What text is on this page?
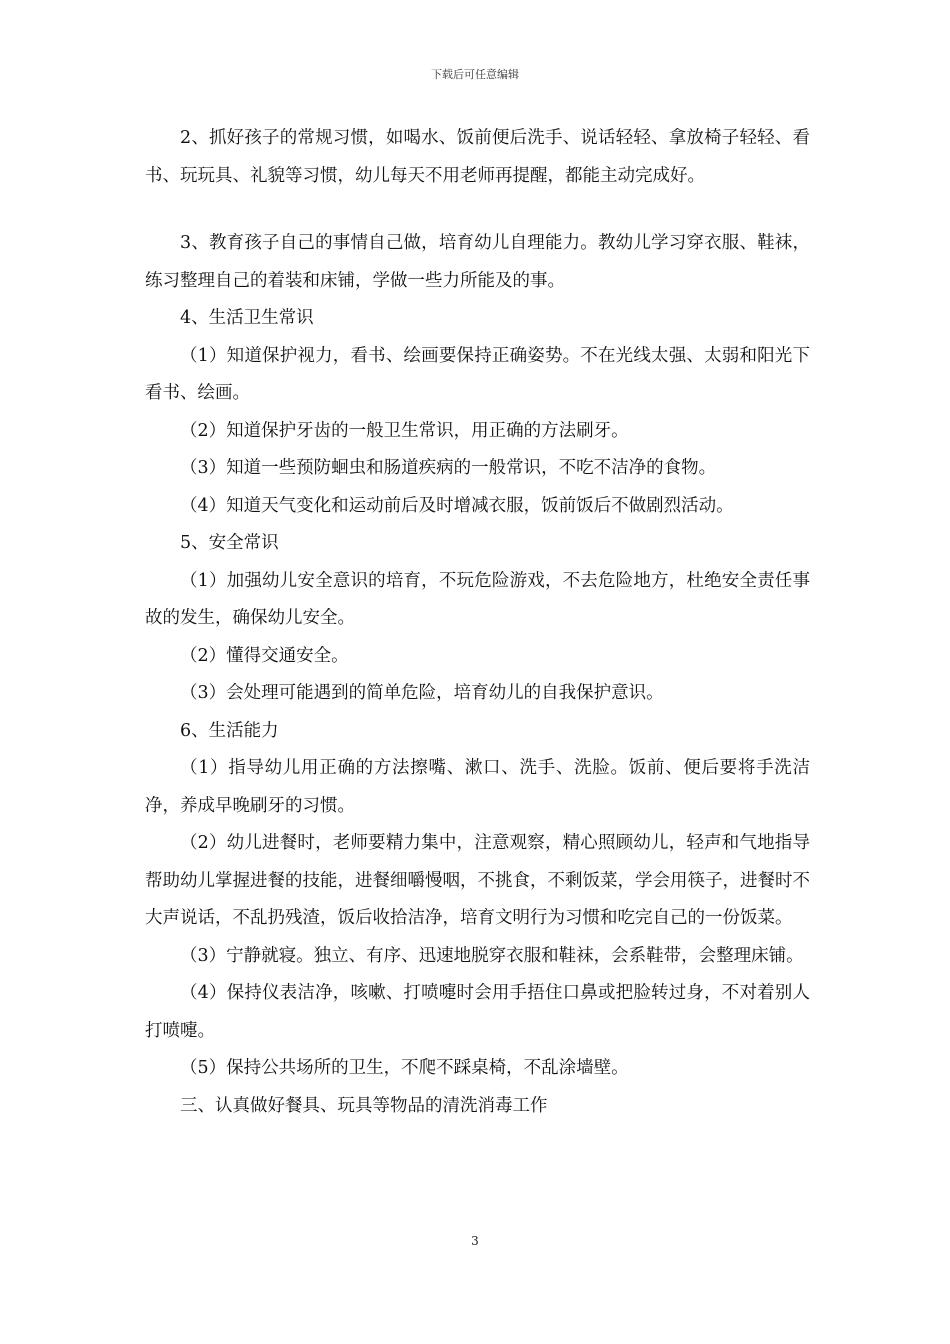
下载后可任意编辑

2、抓好孩子的常规习惯，如喝水、饭前便后洗手、说话轻轻、拿放椅子轻轻、看书、玩玩具、礼貌等习惯，幼儿每天不用老师再提醒，都能主动完成好。

3、教育孩子自己的事情自己做，培育幼儿自理能力。教幼儿学习穿衣服、鞋袜，练习整理自己的着装和床铺，学做一些力所能及的事。

4、生活卫生常识

（1）知道保护视力，看书、绘画要保持正确姿势。不在光线太强、太弱和阳光下看书、绘画。

（2）知道保护牙齿的一般卫生常识，用正确的方法刷牙。

（3）知道一些预防蛔虫和肠道疾病的一般常识，不吃不洁净的食物。

（4）知道天气变化和运动前后及时增减衣服，饭前饭后不做剧烈活动。

5、安全常识

（1）加强幼儿安全意识的培育，不玩危险游戏，不去危险地方，杜绝安全责任事故的发生，确保幼儿安全。

（2）懂得交通安全。

（3）会处理可能遇到的简单危险，培育幼儿的自我保护意识。

6、生活能力

（1）指导幼儿用正确的方法擦嘴、漱口、洗手、洗脸。饭前、便后要将手洗洁净，养成早晚刷牙的习惯。

（2）幼儿进餐时，老师要精力集中，注意观察，精心照顾幼儿，轻声和气地指导帮助幼儿掌握进餐的技能，进餐细嚼慢咽，不挑食，不剩饭菜，学会用筷子，进餐时不大声说话，不乱扔残渣，饭后收拾洁净，培育文明行为习惯和吃完自己的一份饭菜。

（3）宁静就寝。独立、有序、迅速地脱穿衣服和鞋袜，会系鞋带，会整理床铺。

（4）保持仪表洁净，咳嗽、打喷嚏时会用手捂住口鼻或把脸转过身，不对着别人打喷嚏。

（5）保持公共场所的卫生，不爬不踩桌椅，不乱涂墙壁。

三、认真做好餐具、玩具等物品的清洗消毒工作

3
